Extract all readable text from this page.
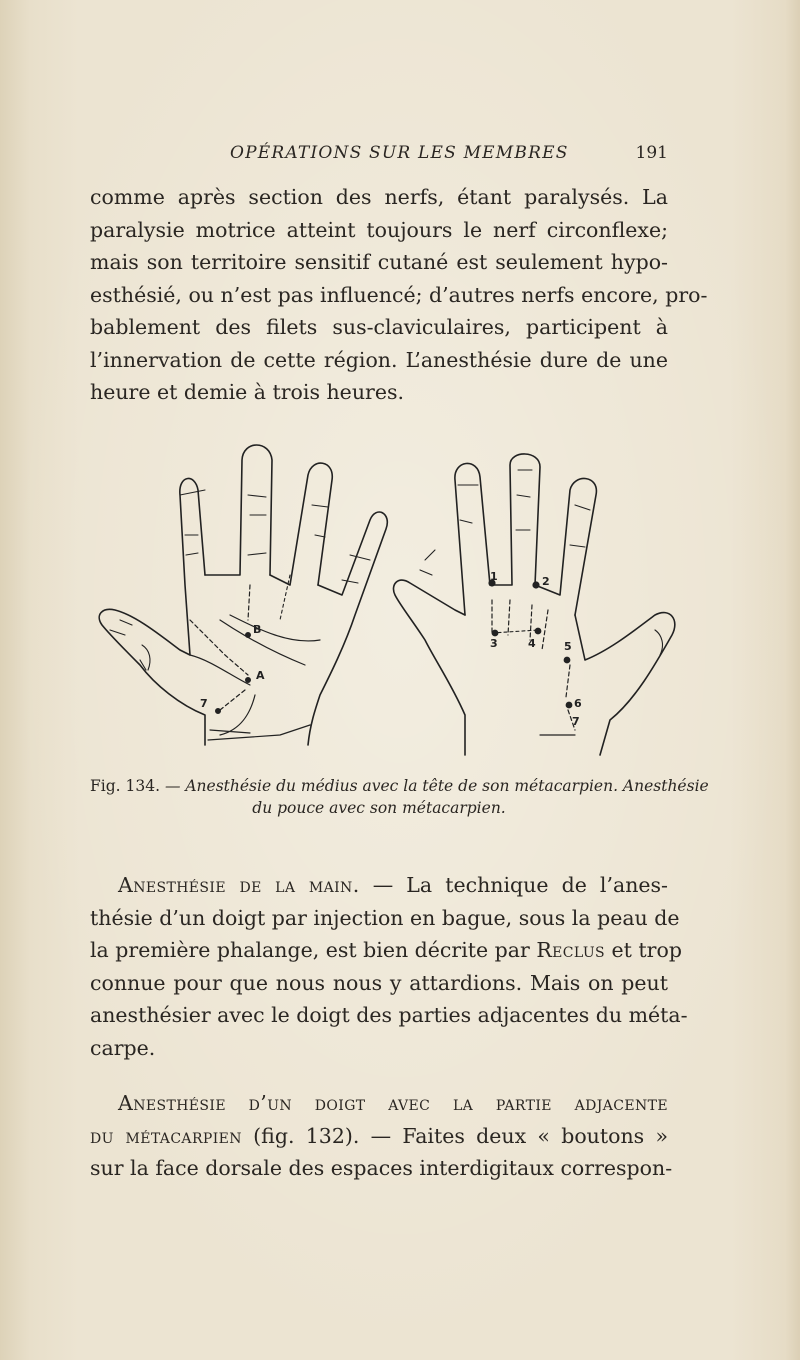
OPÉRATIONS SUR LES MEMBRES	191
comme après section des nerfs, étant paralysés. La
paralysie motrice atteint toujours le nerf circonflexe;
mais son territoire sensitif cutané est seulement hypo-
esthésié, ou n’est pas influencé; d’autres nerfs encore, pro-
bablement des filets sus-claviculaires, participent à
l’innervation de cette région. L’anesthésie dure de une
heure et demie à trois heures.
B
A
7
1	2
3	4	5
6
7
Fig. 134. — Anesthésie du médius avec la tête de son métacarpien. Anesthésie
du pouce avec son métacarpien.
Anesthésie de la main. — La technique de l’anes-
thésie d’un doigt par injection en bague, sous la peau de
la première phalange, est bien décrite par Reclus et trop
connue pour que nous nous y attardions. Mais on peut
anesthésier avec le doigt des parties adjacentes du méta-
carpe.
Anesthésie d’un doigt avec la partie adjacente
du métacarpien (fig. 132). — Faites deux « boutons »
sur la face dorsale des espaces interdigitaux correspon-
